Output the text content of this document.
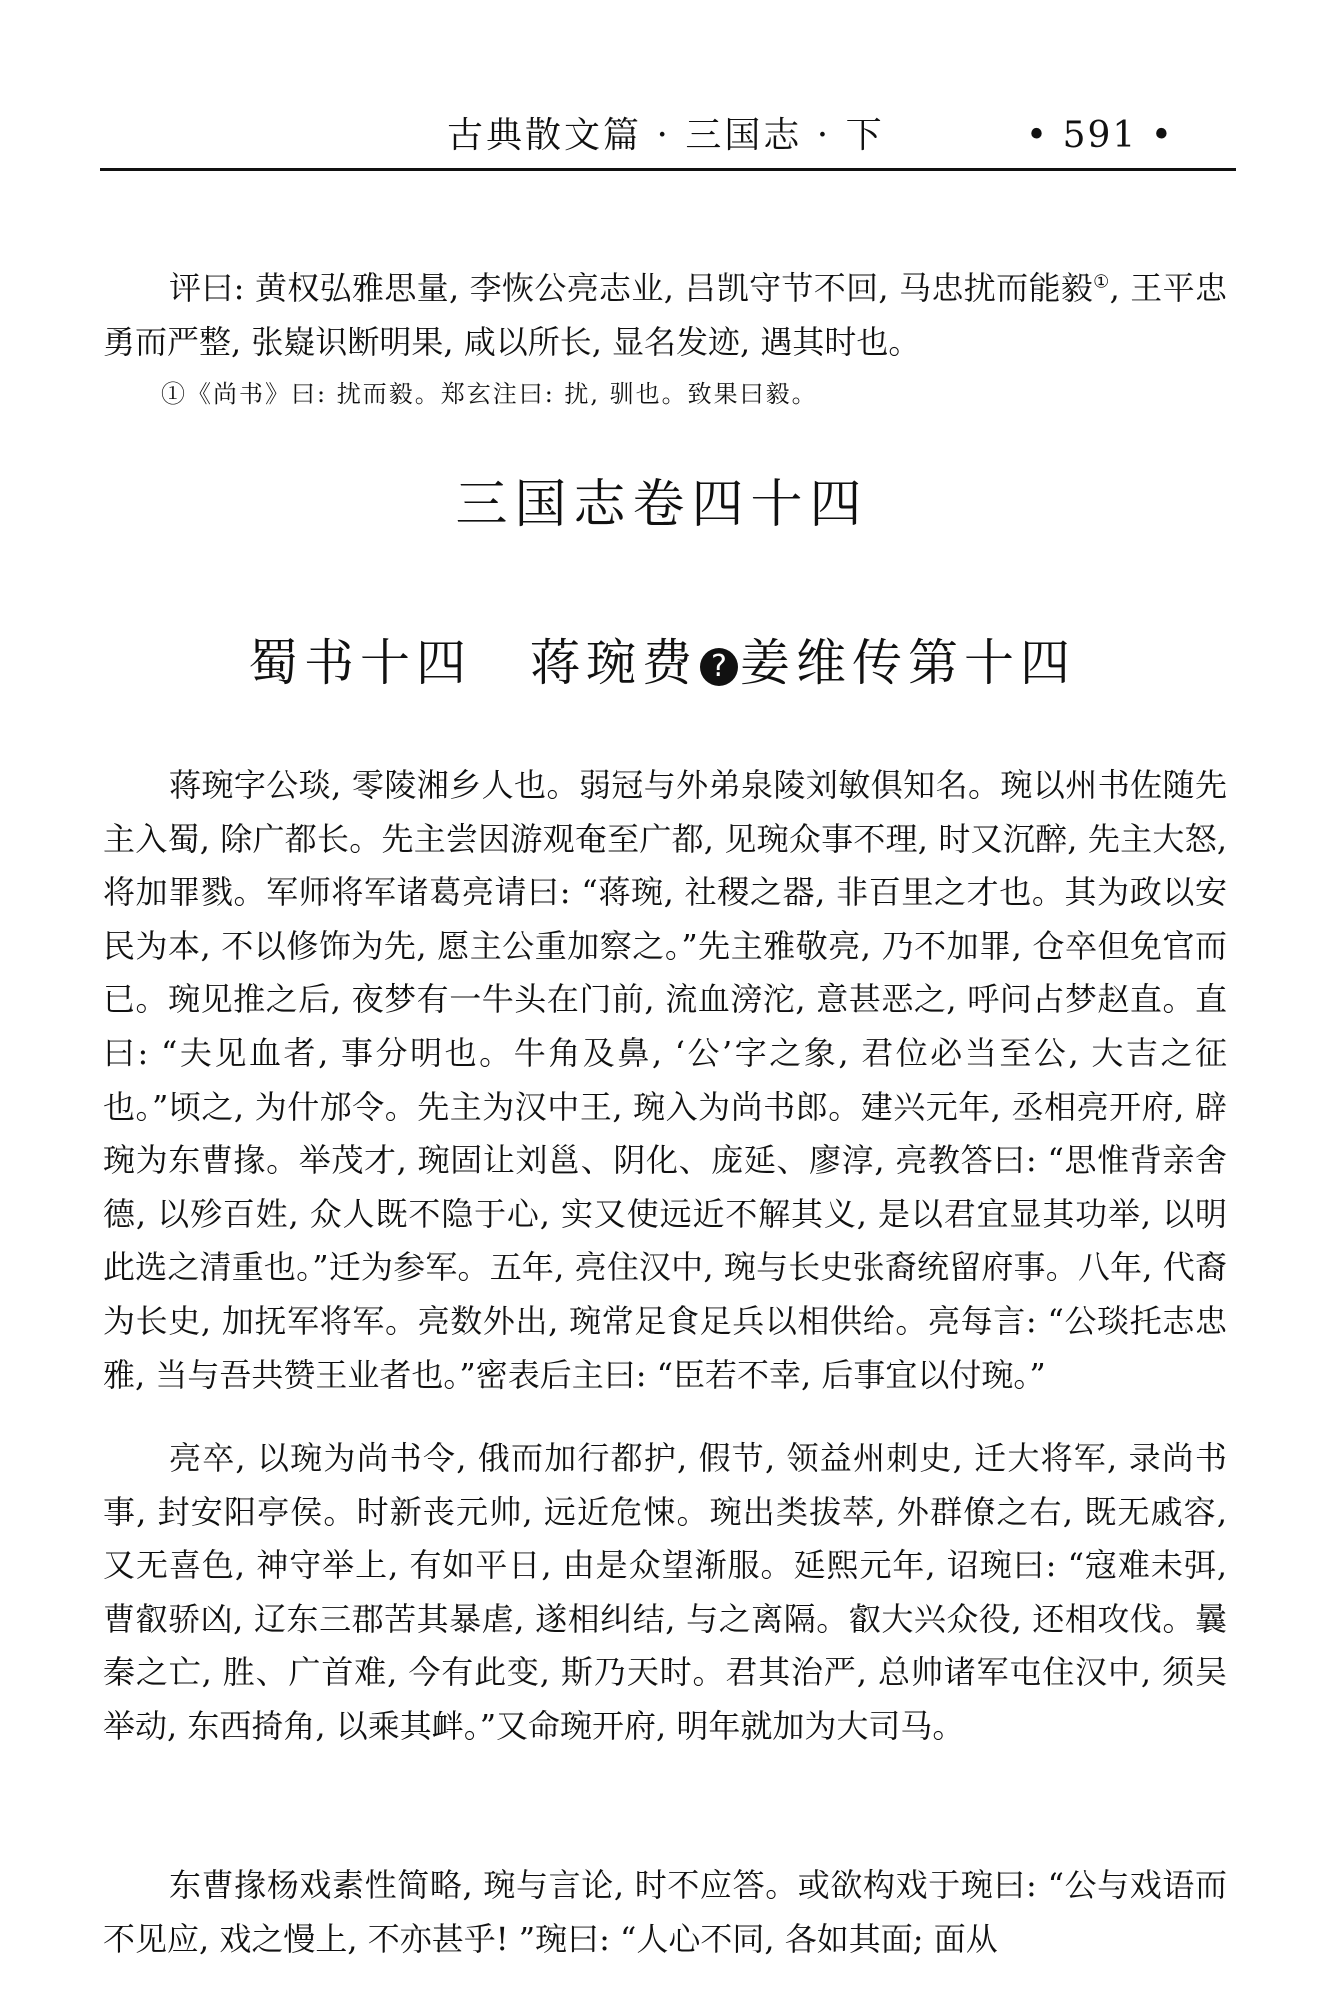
古典散文篇 · 三国志 · 下	• 591 •

评曰: 黄权弘雅思量, 李恢公亮志业, 吕凯守节不回, 马忠扰而能毅①, 王平忠勇而严整, 张嶷识断明果, 咸以所长, 显名发迹, 遇其时也。

①《尚书》曰: 扰而毅。郑玄注曰: 扰, 驯也。致果曰毅。

三国志卷四十四
蜀书十四 蒋琬费 ? 姜维传第十四

蒋琬字公琰, 零陵湘乡人也。弱冠与外弟泉陵刘敏俱知名。琬以州书佐随先主入蜀, 除广都长。先主尝因游观奄至广都, 见琬众事不理, 时又沉醉, 先主大怒, 将加罪戮。军师将军诸葛亮请曰: “蒋琬, 社稷之器, 非百里之才也。其为政以安民为本, 不以修饰为先, 愿主公重加察之。”先主雅敬亮, 乃不加罪, 仓卒但免官而已。琬见推之后, 夜梦有一牛头在门前, 流血滂沱, 意甚恶之, 呼问占梦赵直。直曰: “夫见血者, 事分明也。牛角及鼻, ‘公’字之象, 君位必当至公, 大吉之征也。”顷之, 为什邡令。先主为汉中王, 琬入为尚书郎。建兴元年, 丞相亮开府, 辟琬为东曹掾。举茂才, 琬固让刘邕、阴化、庞延、廖淳, 亮教答曰: “思惟背亲舍德, 以殄百姓, 众人既不隐于心, 实又使远近不解其义, 是以君宜显其功举, 以明此选之清重也。”迁为参军。五年, 亮住汉中, 琬与长史张裔统留府事。八年, 代裔为长史, 加抚军将军。亮数外出, 琬常足食足兵以相供给。亮每言: “公琰托志忠雅, 当与吾共赞王业者也。”密表后主曰: “臣若不幸, 后事宜以付琬。”

亮卒, 以琬为尚书令, 俄而加行都护, 假节, 领益州刺史, 迁大将军, 录尚书事, 封安阳亭侯。时新丧元帅, 远近危悚。琬出类拔萃, 外群僚之右, 既无戚容, 又无喜色, 神守举上, 有如平日, 由是众望渐服。延熙元年, 诏琬曰: “寇难未弭, 曹叡骄凶, 辽东三郡苦其暴虐, 遂相纠结, 与之离隔。叡大兴众役, 还相攻伐。曩秦之亡, 胜、广首难, 今有此变, 斯乃天时。君其治严, 总帅诸军屯住汉中, 须吴举动, 东西掎角, 以乘其衅。”又命琬开府, 明年就加为大司马。

东曹掾杨戏素性简略, 琬与言论, 时不应答。或欲构戏于琬曰: “公与戏语而不见应, 戏之慢上, 不亦甚乎! ”琬曰: “人心不同, 各如其面; 面从
